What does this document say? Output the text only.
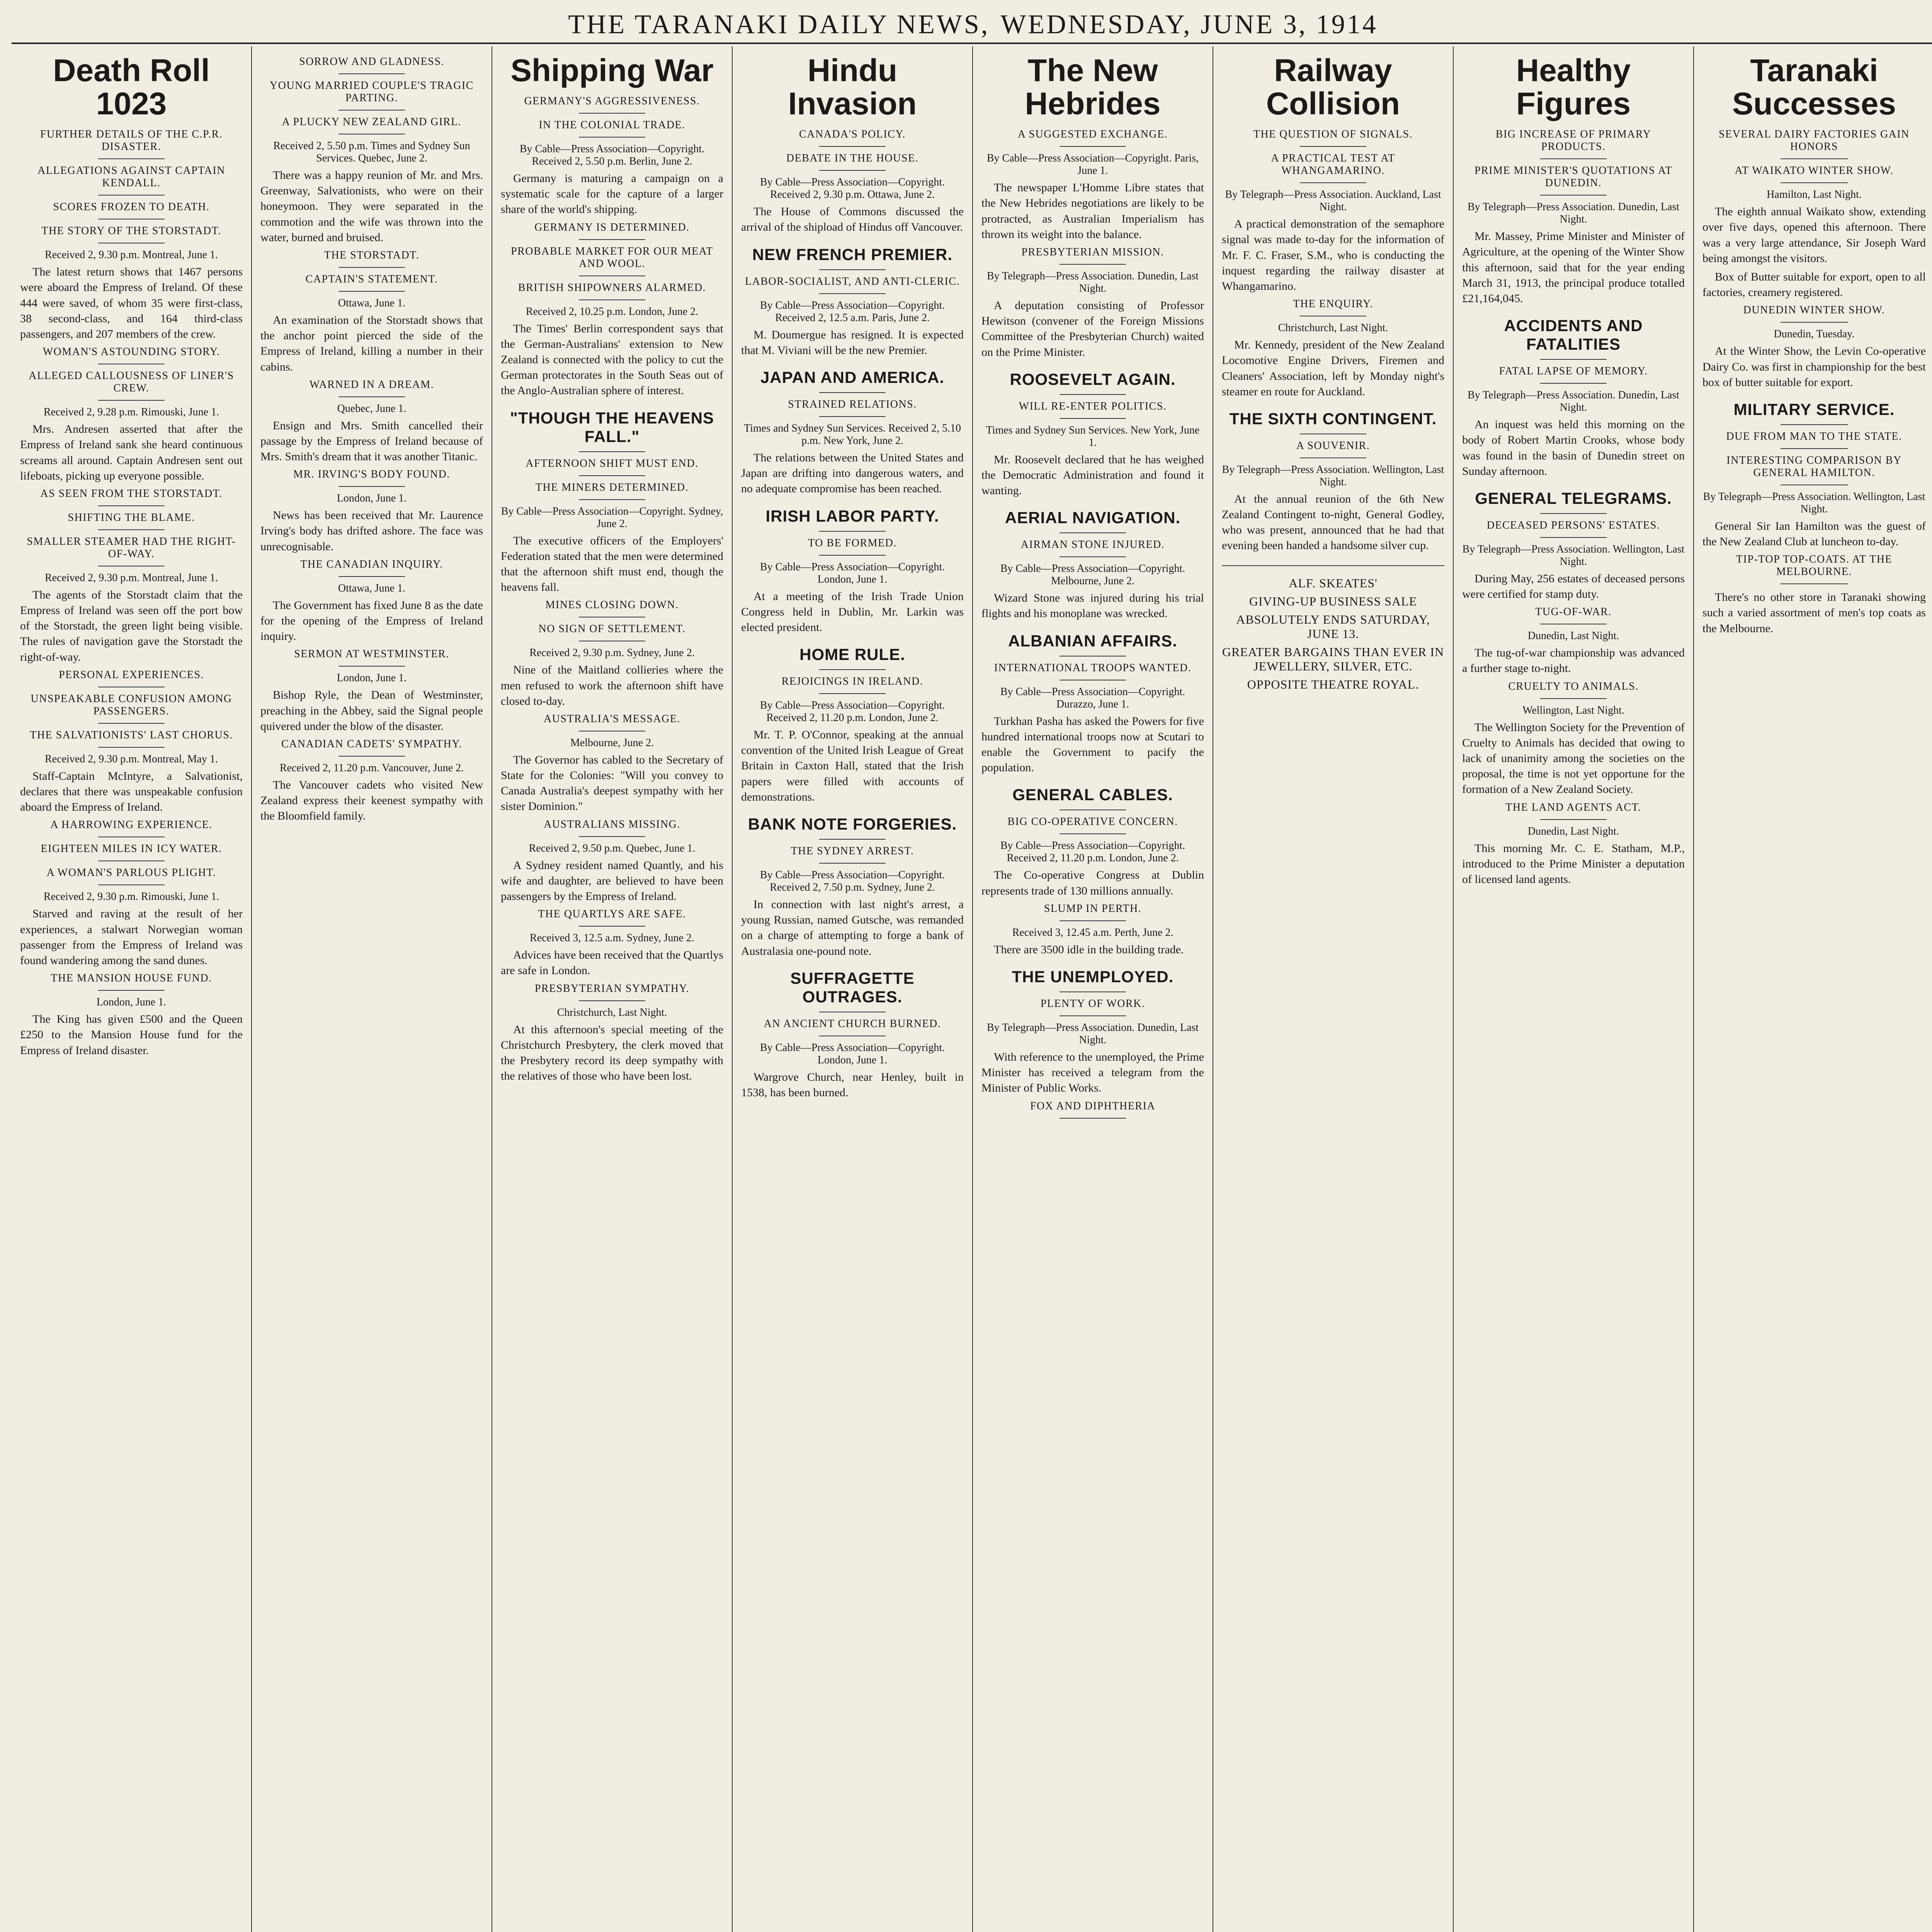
THE TARANAKI DAILY NEWS, WEDNESDAY, JUNE 3, 1914
Death Roll 1023
FURTHER DETAILS OF THE C.P.R. DISASTER.
ALLEGATIONS AGAINST CAPTAIN KENDALL.
SCORES FROZEN TO DEATH.
THE STORY OF THE STORSTADT.
Received 2, 9.30 p.m. Montreal, June 1.
The latest return shows that 1467 persons were aboard the Empress of Ireland. Of these 444 were saved, of whom 35 were first-class, 38 second-class, and 164 third-class passengers, and 207 members of the crew.
WOMAN'S ASTOUNDING STORY.
ALLEGED CALLOUSNESS OF LINER'S CREW.
Received 2, 9.28 p.m. Rimouski, June 1.
Mrs. Andresen asserted that after the Empress of Ireland sank she heard continuous screams all around. Captain Andresen sent out lifeboats, picking up everyone possible.
AS SEEN FROM THE STORSTADT.
SHIFTING THE BLAME.
SMALLER STEAMER HAD THE RIGHT-OF-WAY.
Received 2, 9.30 p.m. Montreal, June 1.
The agents of the Storstadt claim that the Empress of Ireland was seen off the port bow of the Storstadt, the green light being visible. The rules of navigation gave the Storstadt the right-of-way.
PERSONAL EXPERIENCES.
UNSPEAKABLE CONFUSION AMONG PASSENGERS.
THE SALVATIONISTS' LAST CHORUS.
Received 2, 9.30 p.m. Montreal, May 1.
Staff-Captain McIntyre, a Salvationist, declares that there was unspeakable confusion aboard the Empress of Ireland.
A HARROWING EXPERIENCE.
EIGHTEEN MILES IN ICY WATER.
A WOMAN'S PARLOUS PLIGHT.
Received 2, 9.30 p.m. Rimouski, June 1.
Starved and raving at the result of her experiences, a stalwart Norwegian woman passenger from the Empress of Ireland was found wandering among the sand dunes.
THE MANSION HOUSE FUND.
London, June 1.
The King has given £500 and the Queen £250 to the Mansion House fund for the Empress of Ireland disaster.
SORROW AND GLADNESS.
YOUNG MARRIED COUPLE'S TRAGIC PARTING.
A PLUCKY NEW ZEALAND GIRL.
Received 2, 5.50 p.m. Times and Sydney Sun Services. Quebec, June 2.
There was a happy reunion of Mr. and Mrs. Greenway, Salvationists, who were on their honeymoon. They were separated in the commotion and the wife was thrown into the water, burned and bruised.
THE STORSTADT.
CAPTAIN'S STATEMENT.
Ottawa, June 1.
An examination of the Storstadt shows that the anchor point pierced the side of the Empress of Ireland, killing a number in their cabins.
WARNED IN A DREAM.
Quebec, June 1.
Ensign and Mrs. Smith cancelled their passage by the Empress of Ireland because of Mrs. Smith's dream that it was another Titanic.
MR. IRVING'S BODY FOUND.
London, June 1.
News has been received that Mr. Laurence Irving's body has drifted ashore. The face was unrecognisable.
THE CANADIAN INQUIRY.
Ottawa, June 1.
The Government has fixed June 8 as the date for the opening of the Empress of Ireland inquiry.
SERMON AT WESTMINSTER.
London, June 1.
Bishop Ryle, the Dean of Westminster, preaching in the Abbey, said the Signal people quivered under the blow of the disaster.
CANADIAN CADETS' SYMPATHY.
Received 2, 11.20 p.m. Vancouver, June 2.
The Vancouver cadets who visited New Zealand express their keenest sympathy with the Bloomfield family.
Shipping War
GERMANY'S AGGRESSIVENESS.
IN THE COLONIAL TRADE.
By Cable—Press Association—Copyright. Received 2, 5.50 p.m. Berlin, June 2.
Germany is maturing a campaign on a systematic scale for the capture of a larger share of the world's shipping.
GERMANY IS DETERMINED.
PROBABLE MARKET FOR OUR MEAT AND WOOL.
BRITISH SHIPOWNERS ALARMED.
Received 2, 10.25 p.m. London, June 2.
The Times' Berlin correspondent says that the German-Australians' extension to New Zealand is connected with the policy to cut the German protectorates in the South Seas out of the Anglo-Australian sphere of interest.
"THOUGH THE HEAVENS FALL."
AFTERNOON SHIFT MUST END.
THE MINERS DETERMINED.
By Cable—Press Association—Copyright. Sydney, June 2.
The executive officers of the Employers' Federation stated that the men were determined that the afternoon shift must end, though the heavens fall.
MINES CLOSING DOWN.
NO SIGN OF SETTLEMENT.
Received 2, 9.30 p.m. Sydney, June 2.
Nine of the Maitland collieries where the men refused to work the afternoon shift have closed to-day.
AUSTRALIA'S MESSAGE.
Melbourne, June 2.
The Governor has cabled to the Secretary of State for the Colonies: "Will you convey to Canada Australia's deepest sympathy with her sister Dominion."
AUSTRALIANS MISSING.
Received 2, 9.50 p.m. Quebec, June 1.
A Sydney resident named Quantly, and his wife and daughter, are believed to have been passengers by the Empress of Ireland.
THE QUARTLYS ARE SAFE.
Received 3, 12.5 a.m. Sydney, June 2.
Advices have been received that the Quartlys are safe in London.
PRESBYTERIAN SYMPATHY.
Christchurch, Last Night.
At this afternoon's special meeting of the Christchurch Presbytery, the clerk moved that the Presbytery record its deep sympathy with the relatives of those who have been lost.
Hindu Invasion
CANADA'S POLICY.
DEBATE IN THE HOUSE.
By Cable—Press Association—Copyright. Received 2, 9.30 p.m. Ottawa, June 2.
The House of Commons discussed the arrival of the shipload of Hindus off Vancouver.
NEW FRENCH PREMIER.
LABOR-SOCIALIST, AND ANTI-CLERIC.
By Cable—Press Association—Copyright. Received 2, 12.5 a.m. Paris, June 2.
M. Doumergue has resigned. It is expected that M. Viviani will be the new Premier.
JAPAN AND AMERICA.
STRAINED RELATIONS.
Times and Sydney Sun Services. Received 2, 5.10 p.m. New York, June 2.
The relations between the United States and Japan are drifting into dangerous waters, and no adequate compromise has been reached.
IRISH LABOR PARTY.
TO BE FORMED.
By Cable—Press Association—Copyright. London, June 1.
At a meeting of the Irish Trade Union Congress held in Dublin, Mr. Larkin was elected president.
HOME RULE.
REJOICINGS IN IRELAND.
By Cable—Press Association—Copyright. Received 2, 11.20 p.m. London, June 2.
Mr. T. P. O'Connor, speaking at the annual convention of the United Irish League of Great Britain in Caxton Hall, stated that the Irish papers were filled with accounts of demonstrations.
BANK NOTE FORGERIES.
THE SYDNEY ARREST.
By Cable—Press Association—Copyright. Received 2, 7.50 p.m. Sydney, June 2.
In connection with last night's arrest, a young Russian, named Gutsche, was remanded on a charge of attempting to forge a bank of Australasia one-pound note.
SUFFRAGETTE OUTRAGES.
AN ANCIENT CHURCH BURNED.
By Cable—Press Association—Copyright. London, June 1.
Wargrove Church, near Henley, built in 1538, has been burned.
The New Hebrides
A SUGGESTED EXCHANGE.
By Cable—Press Association—Copyright. Paris, June 1.
The newspaper L'Homme Libre states that the New Hebrides negotiations are likely to be protracted, as Australian Imperialism has thrown its weight into the balance.
PRESBYTERIAN MISSION.
By Telegraph—Press Association. Dunedin, Last Night.
A deputation consisting of Professor Hewitson (convener of the Foreign Missions Committee of the Presbyterian Church) waited on the Prime Minister.
ROOSEVELT AGAIN.
WILL RE-ENTER POLITICS.
Times and Sydney Sun Services. New York, June 1.
Mr. Roosevelt declared that he has weighed the Democratic Administration and found it wanting.
AERIAL NAVIGATION.
AIRMAN STONE INJURED.
By Cable—Press Association—Copyright. Melbourne, June 2.
Wizard Stone was injured during his trial flights and his monoplane was wrecked.
ALBANIAN AFFAIRS.
INTERNATIONAL TROOPS WANTED.
By Cable—Press Association—Copyright. Durazzo, June 1.
Turkhan Pasha has asked the Powers for five hundred international troops now at Scutari to enable the Government to pacify the population.
GENERAL CABLES.
BIG CO-OPERATIVE CONCERN.
By Cable—Press Association—Copyright. Received 2, 11.20 p.m. London, June 2.
The Co-operative Congress at Dublin represents trade of 130 millions annually.
SLUMP IN PERTH.
Received 3, 12.45 a.m. Perth, June 2.
There are 3500 idle in the building trade.
THE UNEMPLOYED.
PLENTY OF WORK.
By Telegraph—Press Association. Dunedin, Last Night.
With reference to the unemployed, the Prime Minister has received a telegram from the Minister of Public Works.
FOX AND DIPHTHERIA
Railway Collision
THE QUESTION OF SIGNALS.
A PRACTICAL TEST AT WHANGAMARINO.
By Telegraph—Press Association. Auckland, Last Night.
A practical demonstration of the semaphore signal was made to-day for the information of Mr. F. C. Fraser, S.M., who is conducting the inquest regarding the railway disaster at Whangamarino.
THE ENQUIRY.
Christchurch, Last Night.
Mr. Kennedy, president of the New Zealand Locomotive Engine Drivers, Firemen and Cleaners' Association, left by Monday night's steamer en route for Auckland.
THE SIXTH CONTINGENT.
A SOUVENIR.
By Telegraph—Press Association. Wellington, Last Night.
At the annual reunion of the 6th New Zealand Contingent to-night, General Godley, who was present, announced that he had that evening been handed a handsome silver cup.

ALF. SKEATES'

GIVING-UP BUSINESS SALE

ABSOLUTELY ENDS SATURDAY, JUNE 13.

GREATER BARGAINS THAN EVER IN JEWELLERY, SILVER, ETC.

OPPOSITE THEATRE ROYAL.

Healthy Figures
BIG INCREASE OF PRIMARY PRODUCTS.
PRIME MINISTER'S QUOTATIONS AT DUNEDIN.
By Telegraph—Press Association. Dunedin, Last Night.
Mr. Massey, Prime Minister and Minister of Agriculture, at the opening of the Winter Show this afternoon, said that for the year ending March 31, 1913, the principal produce totalled £21,164,045.
ACCIDENTS AND FATALITIES
FATAL LAPSE OF MEMORY.
By Telegraph—Press Association. Dunedin, Last Night.
An inquest was held this morning on the body of Robert Martin Crooks, whose body was found in the basin of Dunedin street on Sunday afternoon.
GENERAL TELEGRAMS.
DECEASED PERSONS' ESTATES.
By Telegraph—Press Association. Wellington, Last Night.
During May, 256 estates of deceased persons were certified for stamp duty.
TUG-OF-WAR.
Dunedin, Last Night.
The tug-of-war championship was advanced a further stage to-night.
CRUELTY TO ANIMALS.
Wellington, Last Night.
The Wellington Society for the Prevention of Cruelty to Animals has decided that owing to lack of unanimity among the societies on the proposal, the time is not yet opportune for the formation of a New Zealand Society.
THE LAND AGENTS ACT.
Dunedin, Last Night.
This morning Mr. C. E. Statham, M.P., introduced to the Prime Minister a deputation of licensed land agents.
Taranaki Successes
SEVERAL DAIRY FACTORIES GAIN HONORS
AT WAIKATO WINTER SHOW.
Hamilton, Last Night.
The eighth annual Waikato show, extending over five days, opened this afternoon. There was a very large attendance, Sir Joseph Ward being amongst the visitors.
Box of Butter suitable for export, open to all factories, creamery registered.
DUNEDIN WINTER SHOW.
Dunedin, Tuesday.
At the Winter Show, the Levin Co-operative Dairy Co. was first in championship for the best box of butter suitable for export.
MILITARY SERVICE.
DUE FROM MAN TO THE STATE.
INTERESTING COMPARISON BY GENERAL HAMILTON.
By Telegraph—Press Association. Wellington, Last Night.
General Sir Ian Hamilton was the guest of the New Zealand Club at luncheon to-day.
TIP-TOP TOP-COATS. AT THE MELBOURNE.
There's no other store in Taranaki showing such a varied assortment of men's top coats as the Melbourne.
